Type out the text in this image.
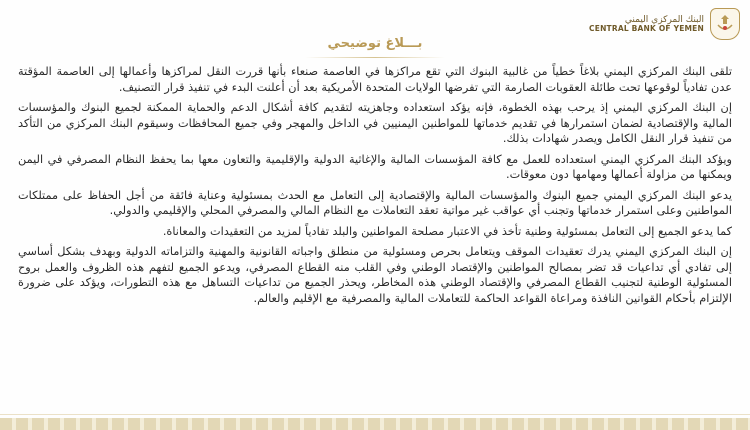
البنك المركزي اليمني
CENTRAL BANK OF YEMEN
بـــلاغ توضيحي

تلقى البنك المركزي اليمني بلاغاً خطياً من غالبية البنوك التي تقع مراكزها في العاصمة صنعاء بأنها قررت النقل لمراكزها وأعمالها إلى العاصمة المؤقتة عدن تفادياً لوقوعها تحت طائلة العقوبات الصارمة التي تفرضها الولايات المتحدة الأمريكية بعد أن أعلنت البدء في تنفيذ قرار التصنيف.

إن البنك المركزي اليمني إذ يرحب بهذه الخطوة، فإنه يؤكد استعداده وجاهزيته لتقديم كافة أشكال الدعم والحماية الممكنة لجميع البنوك والمؤسسات المالية والإقتصادية لضمان استمرارها في تقديم خدماتها للمواطنين اليمنيين في الداخل والمهجر وفي جميع المحافظات وسيقوم البنك المركزي من التأكد من تنفيذ قرار النقل الكامل ويصدر شهادات بذلك.

ويؤكد البنك المركزي اليمني استعداده للعمل مع كافة المؤسسات المالية والإغاثية الدولية والإقليمية والتعاون معها بما يحفظ النظام المصرفي في اليمن ويمكنها من مزاولة أعمالها ومهامها دون معوقات.

يدعو البنك المركزي اليمني جميع البنوك والمؤسسات المالية والإقتصادية إلى التعامل مع الحدث بمسئولية وعناية فائقة من أجل الحفاظ على ممتلكات المواطنين وعلى استمرار خدماتها وتجنب أي عواقب غير مواتية تعقد التعاملات مع النظام المالي والمصرفي المحلي والإقليمي والدولي.

كما يدعو الجميع إلى التعامل بمسئولية وطنية تأخذ في الاعتبار مصلحة المواطنين والبلد تفادياً لمزيد من التعقيدات والمعاناة.

إن البنك المركزي اليمني يدرك تعقيدات الموقف ويتعامل بحرص ومسئولية من منطلق واجباته القانونية والمهنية والتزاماته الدولية وبهدف بشكل أساسي إلى تفادي أي تداعيات قد تضر بمصالح المواطنين والإقتصاد الوطني وفي القلب منه القطاع المصرفي، ويدعو الجميع لتفهم هذه الظروف والعمل بروح المسئولية الوطنية لتجنيب القطاع المصرفي والإقتصاد الوطني هذه المخاطر، ويحذر الجميع من تداعيات التساهل مع هذه التطورات، ويؤكد على ضرورة الإلتزام بأحكام القوانين النافذة ومراعاة القواعد الحاكمة للتعاملات المالية والمصرفية مع الإقليم والعالم.
